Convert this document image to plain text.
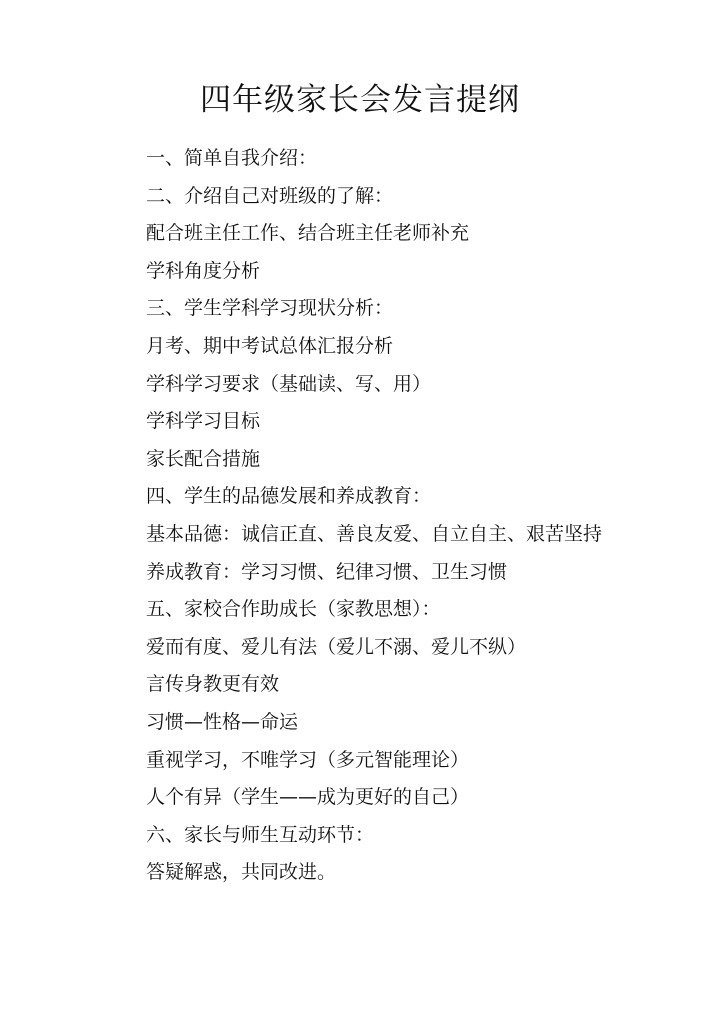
四年级家长会发言提纲
一、简单自我介绍：
二、介绍自己对班级的了解：
配合班主任工作、结合班主任老师补充
学科角度分析
三、学生学科学习现状分析：
月考、期中考试总体汇报分析
学科学习要求（基础读、写、用）
学科学习目标
家长配合措施
四、学生的品德发展和养成教育：
基本品德：诚信正直、善良友爱、自立自主、艰苦坚持
养成教育：学习习惯、纪律习惯、卫生习惯
五、家校合作助成长（家教思想）：
爱而有度、爱儿有法（爱儿不溺、爱儿不纵）
言传身教更有效
习惯—性格—命运
重视学习，不唯学习（多元智能理论）
人个有异（学生——成为更好的自己）
六、家长与师生互动环节：
答疑解惑，共同改进。
